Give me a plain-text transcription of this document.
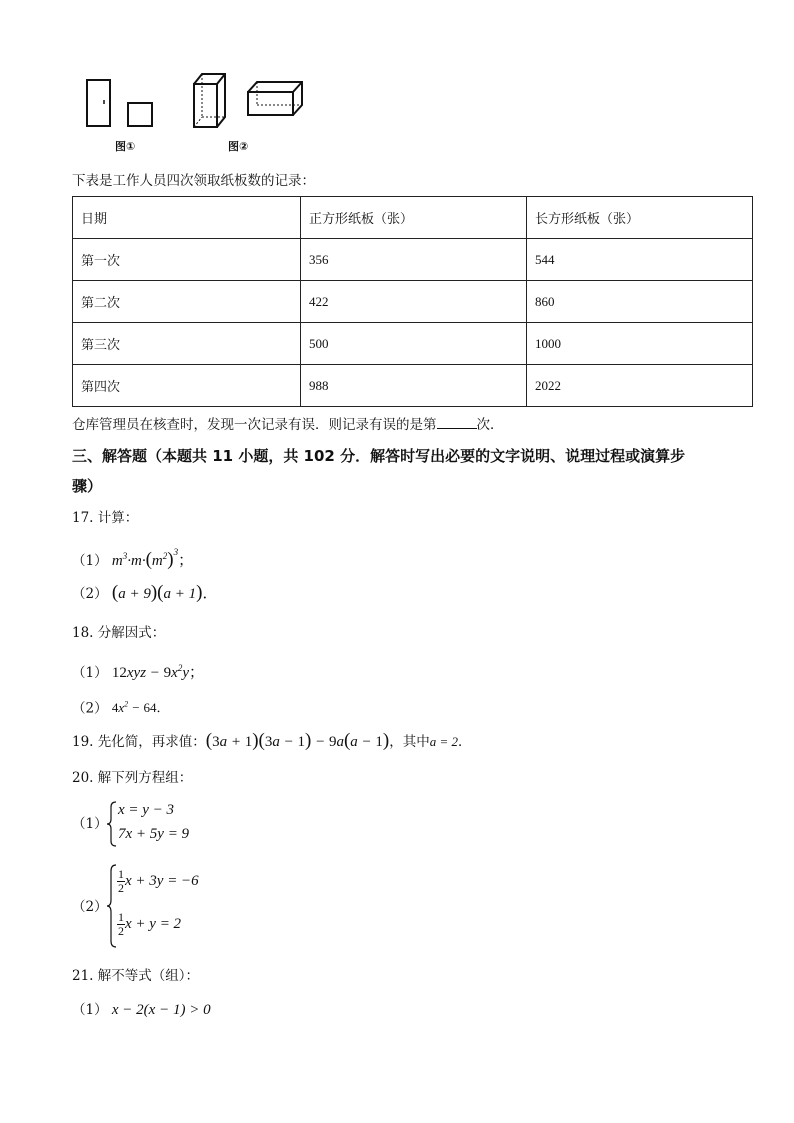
图①	图②
下表是工作人员四次领取纸板数的记录：
日期	正方形纸板（张）	长方形纸板（张）
第一次	356	544
第二次	422	860
第三次	500	1000
第四次	988	2022
仓库管理员在核查时，发现一次记录有误．则记录有误的是第	次．
三、解答题（本题共 11 小题，共 102 分．解答时写出必要的文字说明、说理过程或演算步
骤）
17. 计算：
（1） $m^3\cdot m\cdot(m^2)^3$；
（2） (a + 9)(a + 1)．
18. 分解因式：
（1） $12xyz - 9x^2y$；
（2） $4x^2 - 64$．
19. 先化简，再求值：(3a + 1)(3a − 1) − 9a(a − 1)，其中a = 2．
20. 解下列方程组：
（1）
x = y − 3
7x + 5y = 9
（2）
$\frac{1}{2}$ x + 3y = −6
$\frac{1}{2}$ x + y = 2
21. 解不等式（组）：
（1） x − 2(x − 1) > 0
